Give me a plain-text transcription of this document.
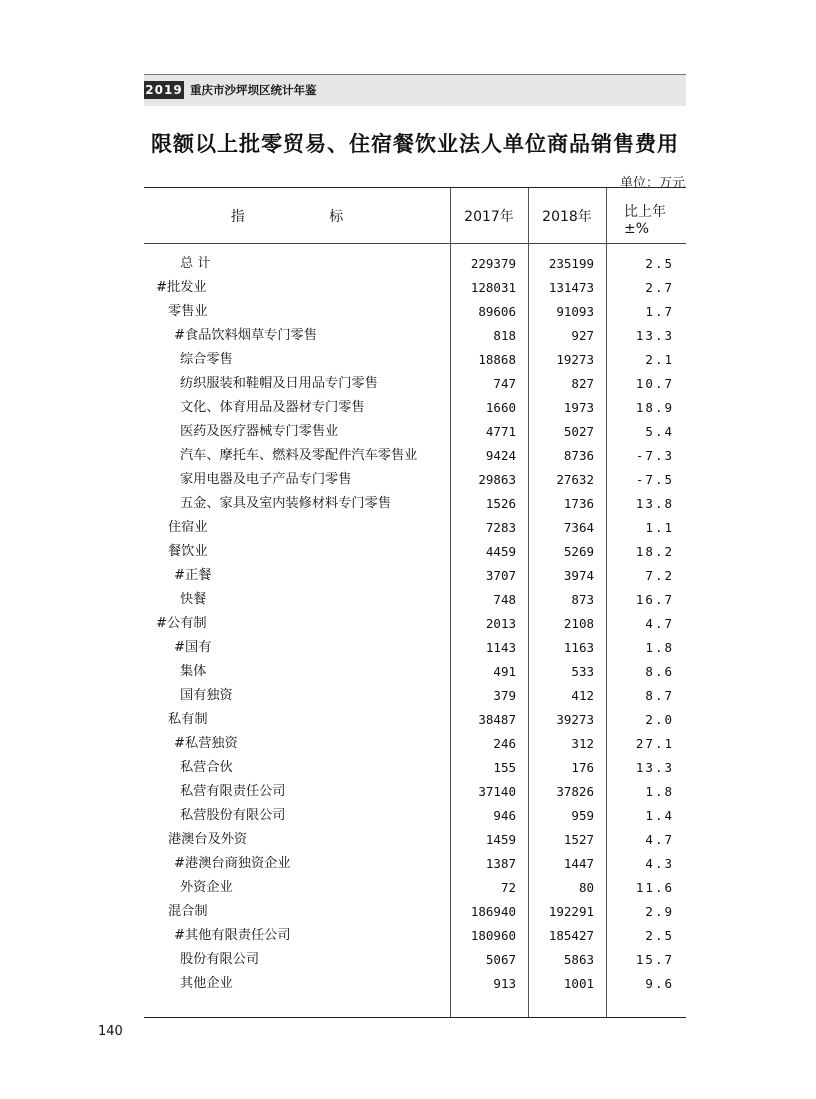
2019 重庆市沙坪坝区统计年鉴
限额以上批零贸易、住宿餐饮业法人单位商品销售费用
单位：万元
指 标	2017年	2018年	比上年
±%
总 计	229379	235199	2.5
#批发业	128031	131473	2.7
零售业	89606	91093	1.7
#食品饮料烟草专门零售	818	927	13.3
综合零售	18868	19273	2.1
纺织服装和鞋帽及日用品专门零售	747	827	10.7
文化、体育用品及器材专门零售	1660	1973	18.9
医药及医疗器械专门零售业	4771	5027	5.4
汽车、摩托车、燃料及零配件汽车零售业	9424	8736	-7.3
家用电器及电子产品专门零售	29863	27632	-7.5
五金、家具及室内装修材料专门零售	1526	1736	13.8
住宿业	7283	7364	1.1
餐饮业	4459	5269	18.2
#正餐	3707	3974	7.2
快餐	748	873	16.7
#公有制	2013	2108	4.7
#国有	1143	1163	1.8
集体	491	533	8.6
国有独资	379	412	8.7
私有制	38487	39273	2.0
#私营独资	246	312	27.1
私营合伙	155	176	13.3
私营有限责任公司	37140	37826	1.8
私营股份有限公司	946	959	1.4
港澳台及外资	1459	1527	4.7
#港澳台商独资企业	1387	1447	4.3
外资企业	72	80	11.6
混合制	186940	192291	2.9
#其他有限责任公司	180960	185427	2.5
股份有限公司	5067	5863	15.7
其他企业	913	1001	9.6
140
